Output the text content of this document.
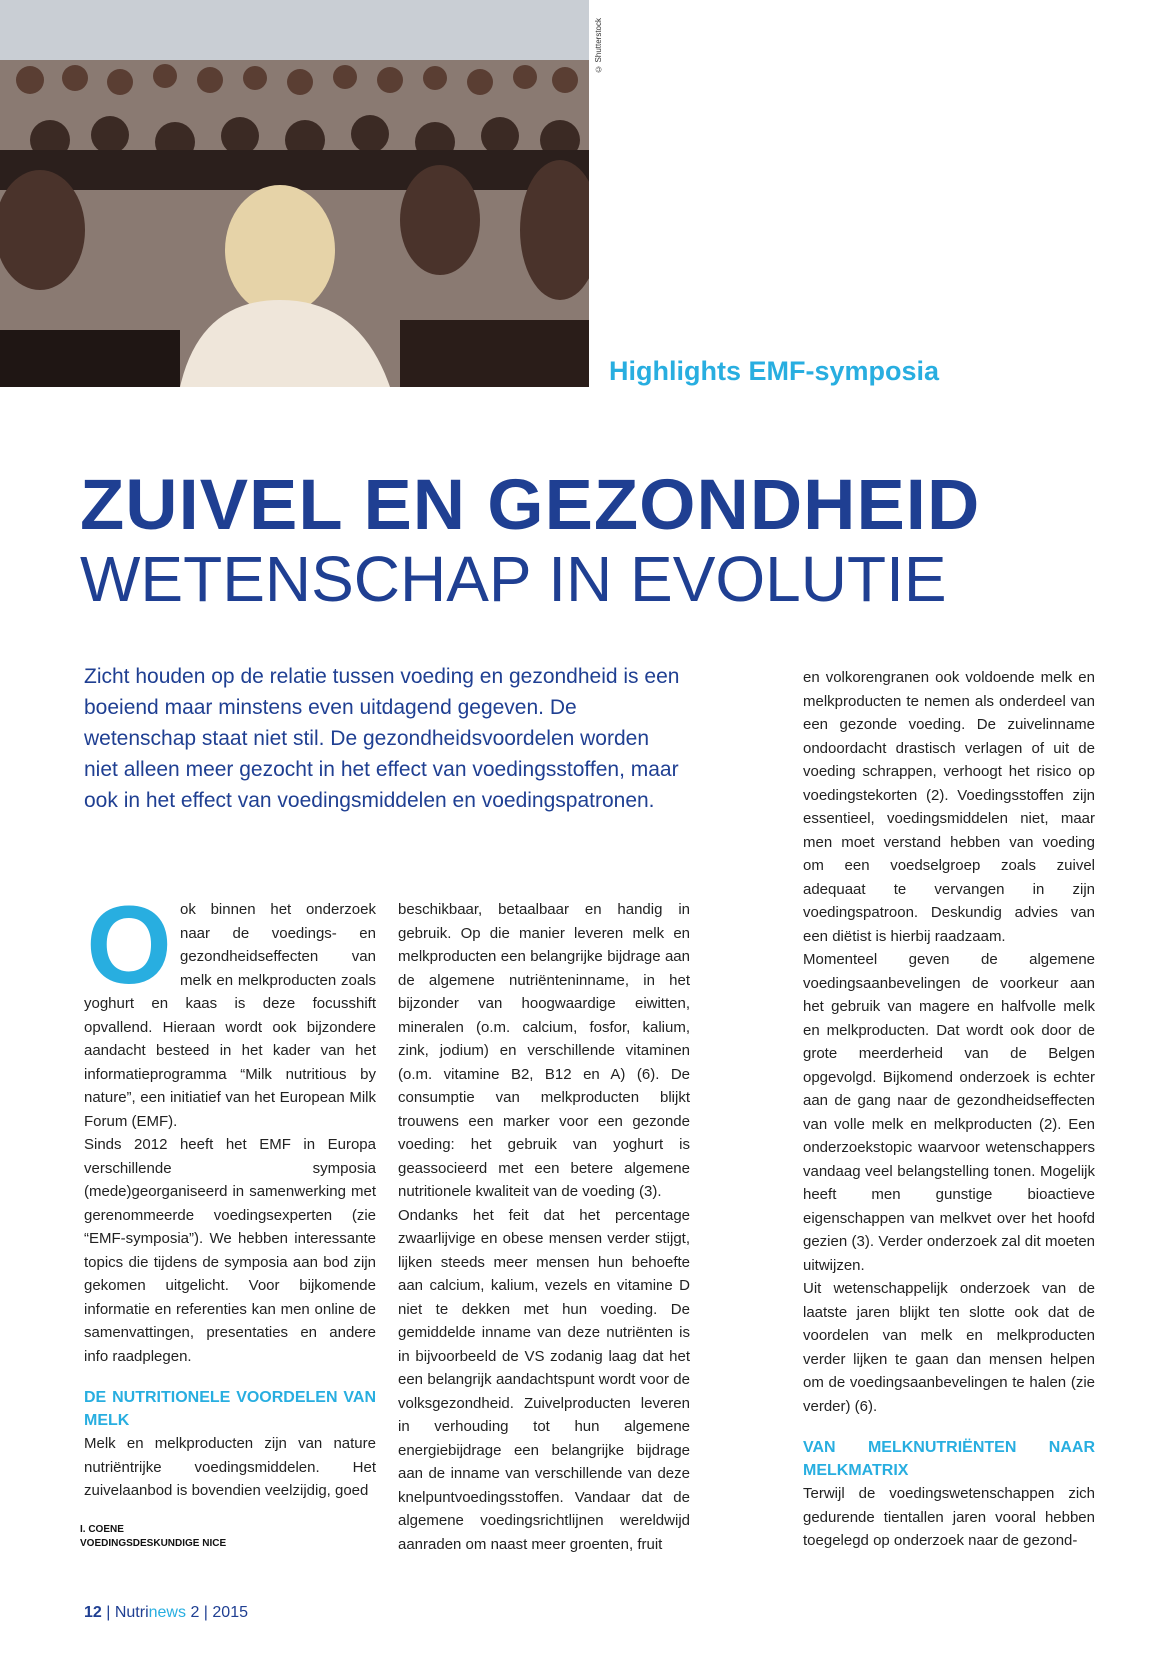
© Shutterstock
Highlights EMF-symposia
ZUIVEL EN GEZONDHEID
WETENSCHAP IN EVOLUTIE
Zicht houden op de relatie tussen voeding en gezondheid is een boeiend maar minstens even uitdagend gegeven. De wetenschap staat niet stil. De gezondheidsvoordelen worden niet alleen meer gezocht in het effect van voedingsstoffen, maar ook in het effect van voedingsmiddelen en voedingspatronen.
O ok binnen het onderzoek naar de voedings- en gezondheidseffecten van melk en melkproducten zoals yoghurt en kaas is deze focusshift opvallend. Hieraan wordt ook bijzondere aandacht besteed in het kader van het informatieprogramma “Milk nutritious by nature”, een initiatief van het European Milk Forum (EMF).

Sinds 2012 heeft het EMF in Europa verschillende symposia (mede)georganiseerd in samenwerking met gerenommeerde voedingsexperten (zie “EMF-symposia”). We hebben interessante topics die tijdens de symposia aan bod zijn gekomen uitgelicht. Voor bijkomende informatie en referenties kan men online de samenvattingen, presentaties en andere info raadplegen.

DE NUTRITIONELE VOORDELEN VAN MELK

Melk en melkproducten zijn van nature nutriëntrijke voedingsmiddelen. Het zuivelaanbod is bovendien veelzijdig, goed

beschikbaar, betaalbaar en handig in gebruik. Op die manier leveren melk en melkproducten een belangrijke bijdrage aan de algemene nutriënteninname, in het bijzonder van hoogwaardige eiwitten, mineralen (o.m. calcium, fosfor, kalium, zink, jodium) en verschillende vitaminen (o.m. vitamine B2, B12 en A) (6). De consumptie van melkproducten blijkt trouwens een marker voor een gezonde voeding: het gebruik van yoghurt is geassocieerd met een betere algemene nutritionele kwaliteit van de voeding (3).

Ondanks het feit dat het percentage zwaarlijvige en obese mensen verder stijgt, lijken steeds meer mensen hun behoefte aan calcium, kalium, vezels en vitamine D niet te dekken met hun voeding. De gemiddelde inname van deze nutriënten is in bijvoorbeeld de VS zodanig laag dat het een belangrijk aandachtspunt wordt voor de volksgezondheid. Zuivelproducten leveren in verhouding tot hun algemene energiebijdrage een belangrijke bijdrage aan de inname van verschillende van deze knelpuntvoedingsstoffen. Vandaar dat de algemene voedingsrichtlijnen wereldwijd aanraden om naast meer groenten, fruit

en volkorengranen ook voldoende melk en melkproducten te nemen als onderdeel van een gezonde voeding. De zuivelinname ondoordacht drastisch verlagen of uit de voeding schrappen, verhoogt het risico op voedingstekorten (2). Voedingsstoffen zijn essentieel, voedingsmiddelen niet, maar men moet verstand hebben van voeding om een voedselgroep zoals zuivel adequaat te vervangen in zijn voedingspatroon. Deskundig advies van een diëtist is hierbij raadzaam.

Momenteel geven de algemene voedingsaanbevelingen de voorkeur aan het gebruik van magere en halfvolle melk en melkproducten. Dat wordt ook door de grote meerderheid van de Belgen opgevolgd. Bijkomend onderzoek is echter aan de gang naar de gezondheidseffecten van volle melk en melkproducten (2). Een onderzoekstopic waarvoor wetenschappers vandaag veel belangstelling tonen. Mogelijk heeft men gunstige bioactieve eigenschappen van melkvet over het hoofd gezien (3). Verder onderzoek zal dit moeten uitwijzen.

Uit wetenschappelijk onderzoek van de laatste jaren blijkt ten slotte ook dat de voordelen van melk en melkproducten verder lijken te gaan dan mensen helpen om de voedingsaanbevelingen te halen (zie verder) (6).

VAN MELKNUTRIËNTEN NAAR MELKMATRIX

Terwijl de voedingswetenschappen zich gedurende tientallen jaren vooral hebben toegelegd op onderzoek naar de gezond-

I. COENE
VOEDINGSDESKUNDIGE NICE
12 | Nutrinews 2 | 2015
